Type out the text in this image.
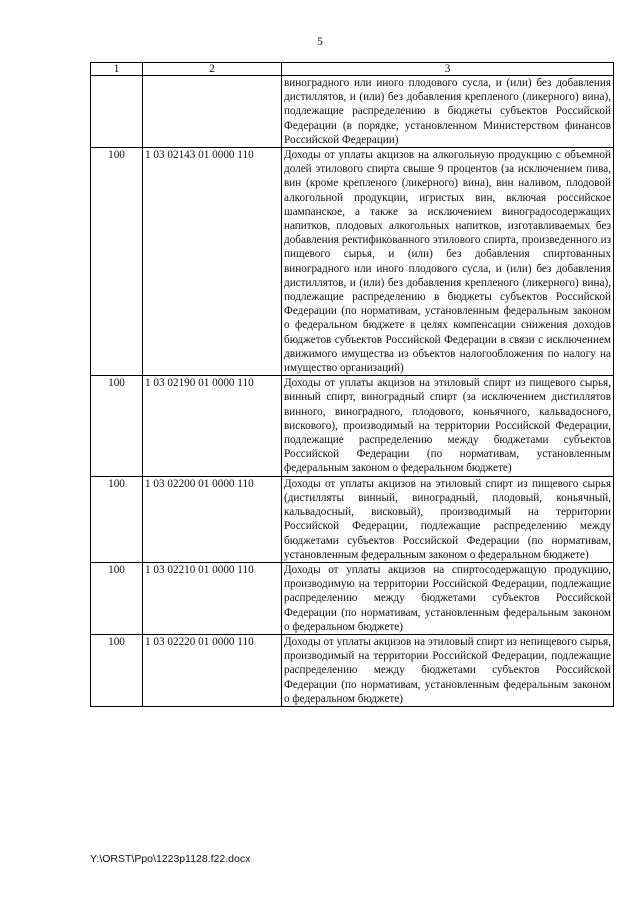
5
1	2	3
		виноградного или иного плодового сусла, и (или) без добавления дистиллятов, и (или) без добавления крепленого (ликерного) вина), подлежащие распределению в бюджеты субъектов Российской Федерации (в порядке, установленном Министерством финансов Российской Федерации)
100	1 03 02143 01 0000 110	Доходы от уплаты акцизов на алкогольную продукцию с объемной долей этилового спирта свыше 9 процентов (за исключением пива, вин (кроме крепленого (ликерного) вина), вин наливом, плодовой алкогольной продукции, игристых вин, включая российское шампанское, а также за исключением виноградосодержащих напитков, плодовых алкогольных напитков, изготавливаемых без добавления ректификованного этилового спирта, произведенного из пищевого сырья, и (или) без добавления спиртованных виноградного или иного плодового сусла, и (или) без добавления дистиллятов, и (или) без добавления крепленого (ликерного) вина), подлежащие распределению в бюджеты субъектов Российской Федерации (по нормативам, установленным федеральным законом о федеральном бюджете в целях компенсации снижения доходов бюджетов субъектов Российской Федерации в связи с исключением движимого имущества из объектов налогообложения по налогу на имущество организаций)
100	1 03 02190 01 0000 110	Доходы от уплаты акцизов на этиловый спирт из пищевого сырья, винный спирт, виноградный спирт (за исключением дистиллятов винного, виноградного, плодового, коньячного, кальвадосного, вискового), производимый на территории Российской Федерации, подлежащие распределению между бюджетами субъектов Российской Федерации (по нормативам, установленным федеральным законом о федеральном бюджете)
100	1 03 02200 01 0000 110	Доходы от уплаты акцизов на этиловый спирт из пищевого сырья (дистилляты винный, виноградный, плодовый, коньячный, кальвадосный, висковый), производимый на территории Российской Федерации, подлежащие распределению между бюджетами субъектов Российской Федерации (по нормативам, установленным федеральным законом о федеральном бюджете)
100	1 03 02210 01 0000 110	Доходы от уплаты акцизов на спиртосодержащую продукцию, производимую на территории Российской Федерации, подлежащие распределению между бюджетами субъектов Российской Федерации (по нормативам, установленным федеральным законом о федеральном бюджете)
100	1 03 02220 01 0000 110	Доходы от уплаты акцизов на этиловый спирт из непищевого сырья, производимый на территории Российской Федерации, подлежащие распределению между бюджетами субъектов Российской Федерации (по нормативам, установленным федеральным законом о федеральном бюджете)
Y:\ORST\Ppo\1223p1128.f22.docx
